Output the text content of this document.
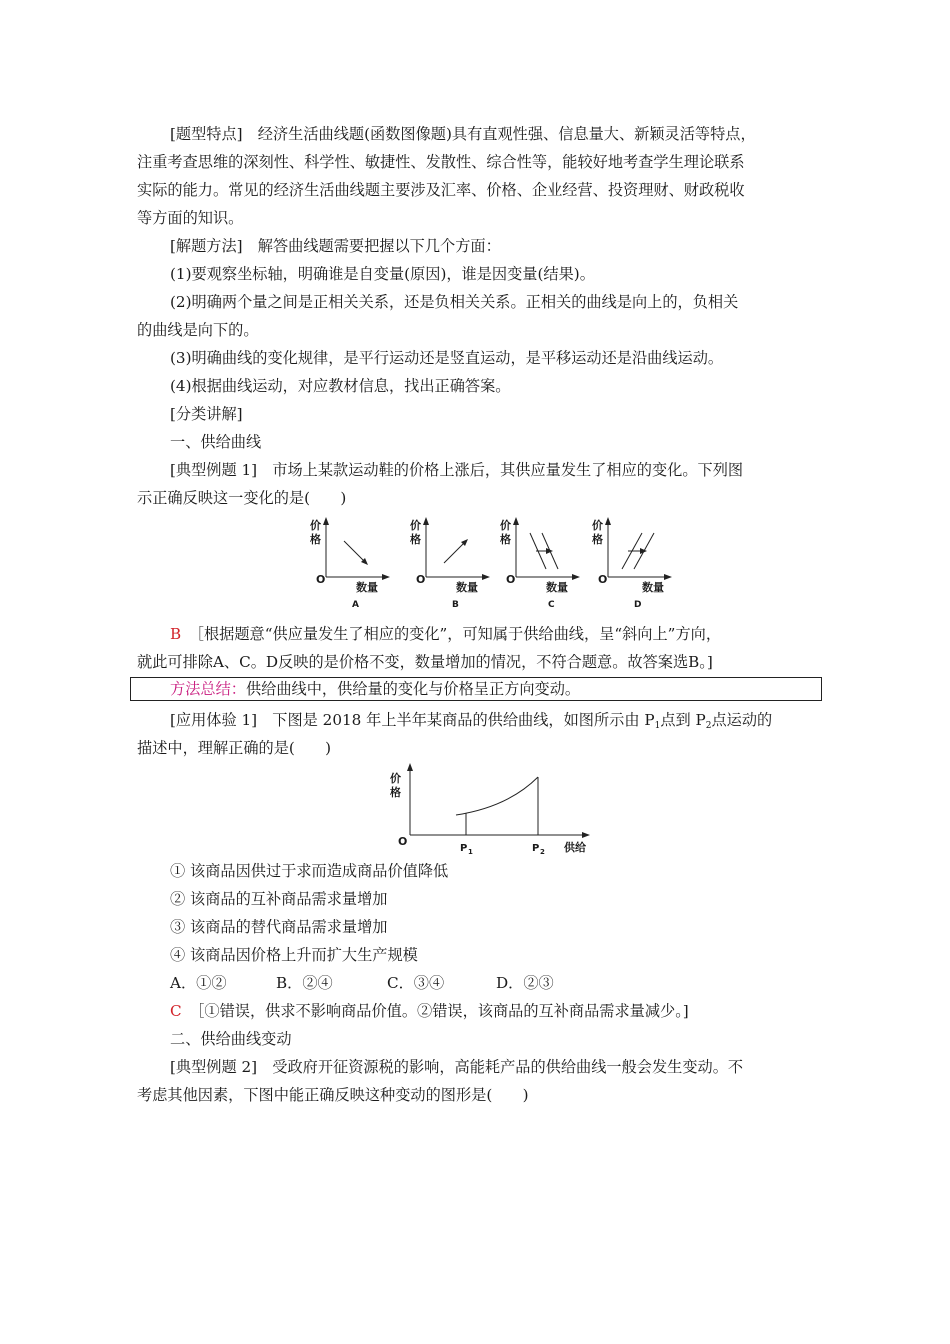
[题型特点]　经济生活曲线题(函数图像题)具有直观性强、信息量大、新颖灵活等特点，
注重考查思维的深刻性、科学性、敏捷性、发散性、综合性等，能较好地考查学生理论联系
实际的能力。常见的经济生活曲线题主要涉及汇率、价格、企业经营、投资理财、财政税收
等方面的知识。
[解题方法]　解答曲线题需要把握以下几个方面：
(1)要观察坐标轴，明确谁是自变量(原因)，谁是因变量(结果)。
(2)明确两个量之间是正相关关系，还是负相关关系。正相关的曲线是向上的，负相关
的曲线是向下的。
(3)明确曲线的变化规律，是平行运动还是竖直运动，是平移运动还是沿曲线运动。
(4)根据曲线运动，对应教材信息，找出正确答案。
[分类讲解]
一、供给曲线
[典型例题 1]　市场上某款运动鞋的价格上涨后，其供应量发生了相应的变化。下列图
示正确反映这一变化的是(　　)
价
格
O
数量
A
价
格
O
数量
B
价
格
O
数量
C
价
格
O
数量
D
B　 ［根据题意“供应量发生了相应的变化”，可知属于供给曲线，呈“斜向上”方向，
就此可排除A、C。D反映的是价格不变，数量增加的情况，不符合题意。故答案选B。]
方法总结：供给曲线中，供给量的变化与价格呈正方向变动。
[应用体验 1]　下图是 2018 年上半年某商品的供给曲线，如图所示由 $P_1$点到 $P_2$点运动的
描述中，理解正确的是(　　)
价
格
O
P 1	P 2 供给
① 该商品因供过于求而造成商品价值降低
② 该商品的互补商品需求量增加
③ 该商品的替代商品需求量增加
④ 该商品因价格上升而扩大生产规模
A．①②	B．②④	C．③④	D．②③
C　 ［①错误，供求不影响商品价值。②错误，该商品的互补商品需求量减少。]
二、供给曲线变动
[典型例题 2]　受政府开征资源税的影响，高能耗产品的供给曲线一般会发生变动。不
考虑其他因素，下图中能正确反映这种变动的图形是(　　)
